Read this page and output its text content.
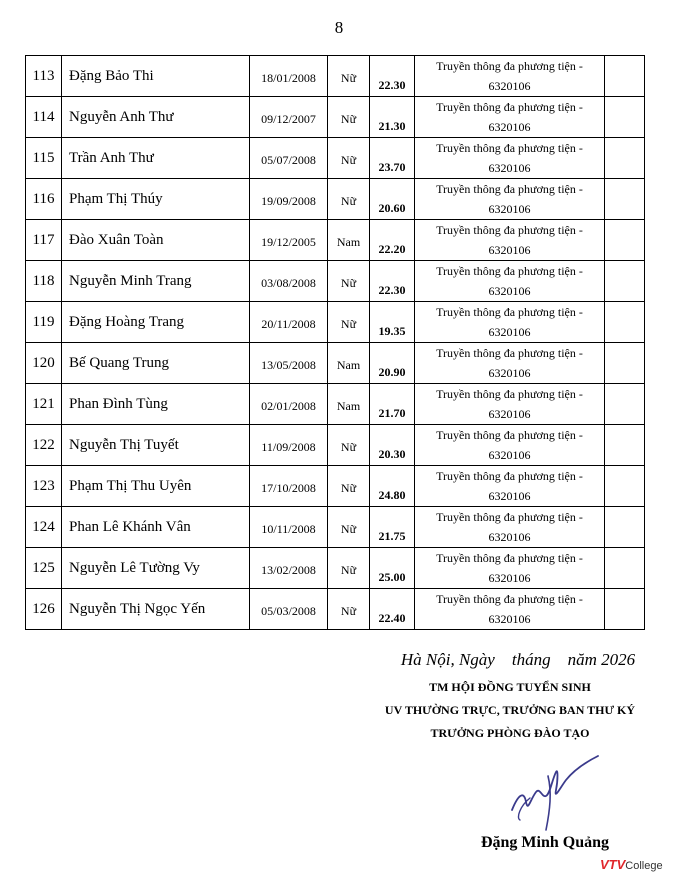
8
113	Đặng Bảo Thi	18/01/2008	Nữ	22.30	Truyền thông đa phương tiện -
6320106	

114	Nguyễn Anh Thư	09/12/2007	Nữ	21.30	Truyền thông đa phương tiện -
6320106	

115	Trần Anh Thư	05/07/2008	Nữ	23.70	Truyền thông đa phương tiện -
6320106	

116	Phạm Thị Thúy	19/09/2008	Nữ	20.60	Truyền thông đa phương tiện -
6320106	

117	Đào Xuân Toàn	19/12/2005	Nam	22.20	Truyền thông đa phương tiện -
6320106	

118	Nguyễn Minh Trang	03/08/2008	Nữ	22.30	Truyền thông đa phương tiện -
6320106	

119	Đặng Hoàng Trang	20/11/2008	Nữ	19.35	Truyền thông đa phương tiện -
6320106	

120	Bế Quang Trung	13/05/2008	Nam	20.90	Truyền thông đa phương tiện -
6320106	

121	Phan Đình Tùng	02/01/2008	Nam	21.70	Truyền thông đa phương tiện -
6320106	

122	Nguyễn Thị Tuyết	11/09/2008	Nữ	20.30	Truyền thông đa phương tiện -
6320106	

123	Phạm Thị Thu Uyên	17/10/2008	Nữ	24.80	Truyền thông đa phương tiện -
6320106	

124	Phan Lê Khánh Vân	10/11/2008	Nữ	21.75	Truyền thông đa phương tiện -
6320106	

125	Nguyễn Lê Tường Vy	13/02/2008	Nữ	25.00	Truyền thông đa phương tiện -
6320106	

126	Nguyễn Thị Ngọc Yến	05/03/2008	Nữ	22.40	Truyền thông đa phương tiện -
6320106	

Hà Nội, Ngày    tháng    năm 2026
TM HỘI ĐỒNG TUYỂN SINH
UV THƯỜNG TRỰC, TRƯỞNG BAN THƯ KÝ
TRƯỞNG PHÒNG ĐÀO TẠO
Đặng Minh Quảng
VTVCollege
